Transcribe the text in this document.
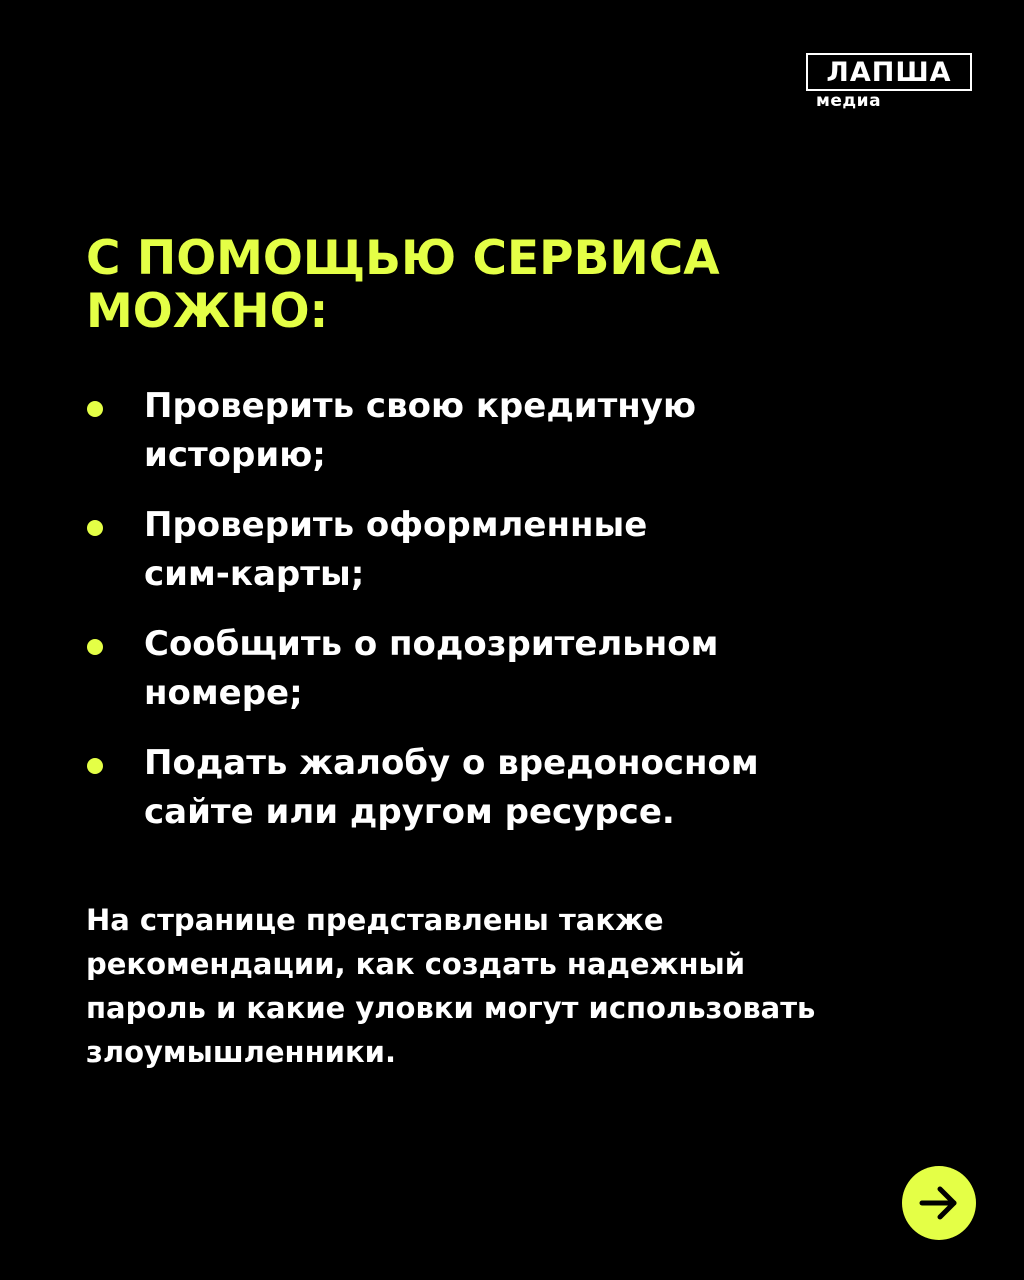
ЛАПША
медиа
С ПОМОЩЬЮ СЕРВИСА
МОЖНО:
Проверить свою кредитную
историю;
Проверить оформленные
сим-карты;
Сообщить о подозрительном
номере;
Подать жалобу о вредоносном
сайте или другом ресурсе.

На странице представлены также
рекомендации, как создать надежный
пароль и какие уловки могут использовать
злоумышленники.
